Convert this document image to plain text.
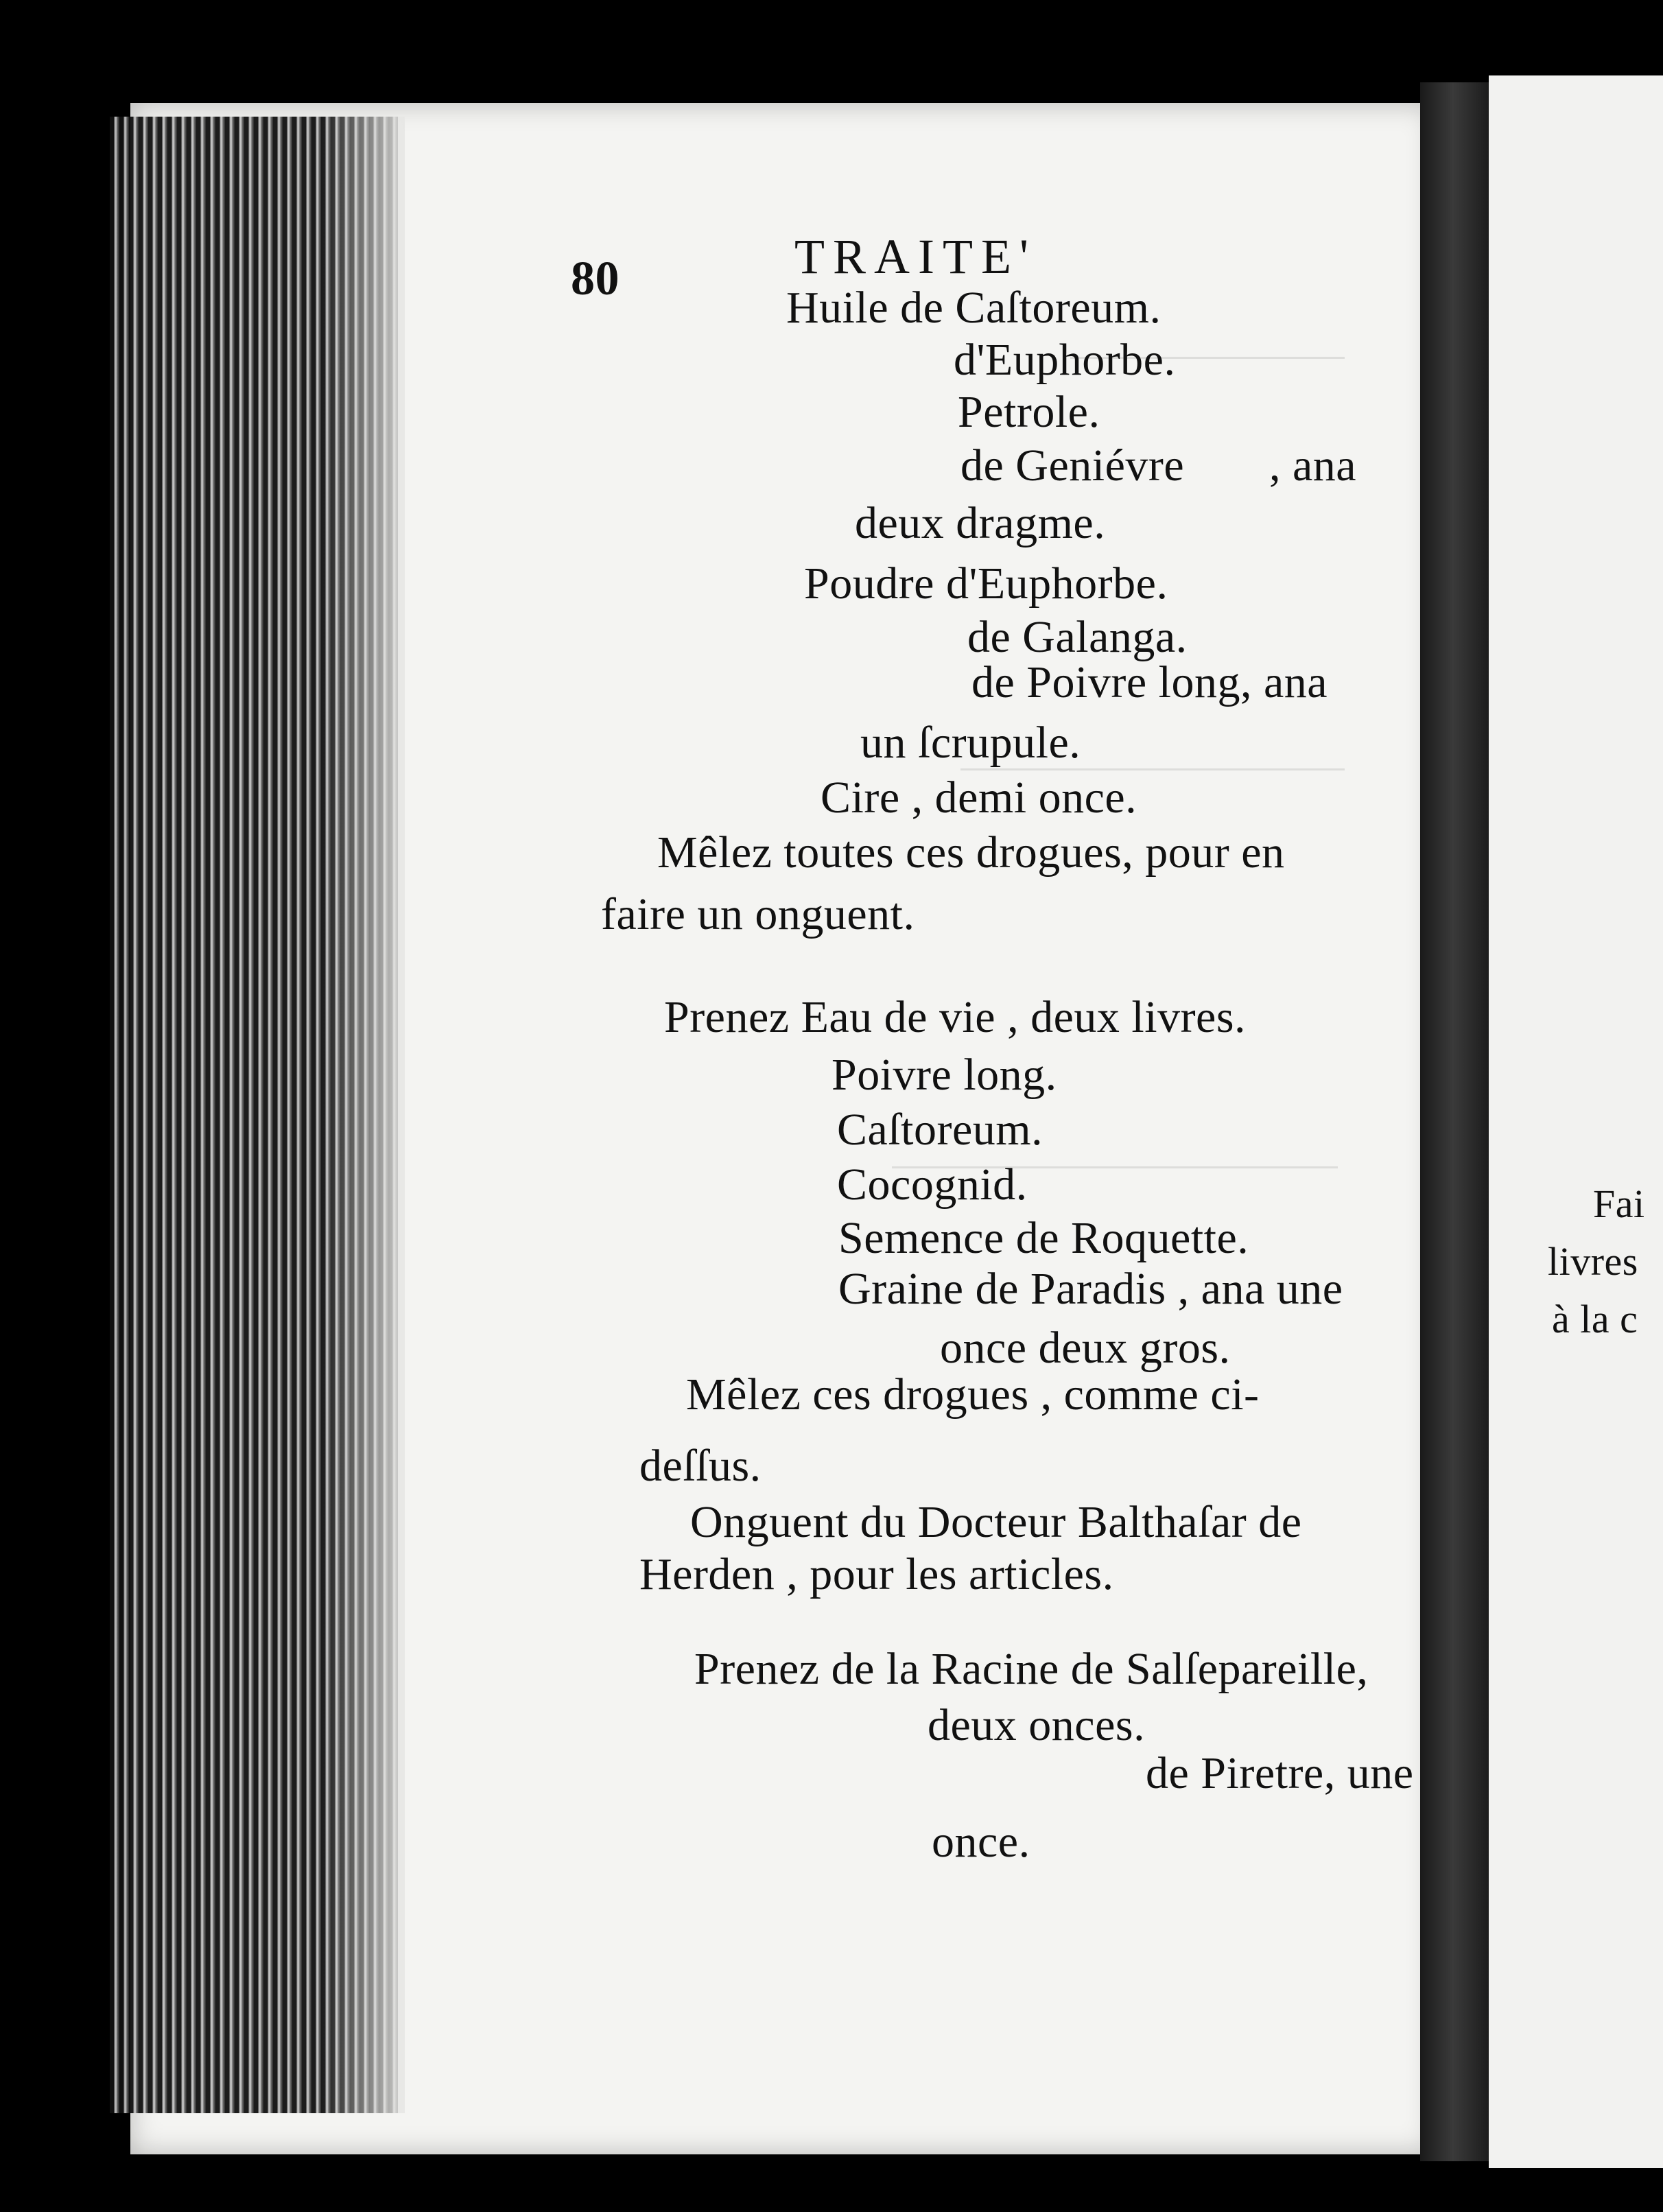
80	TRAITE'
Huile de Caſtoreum.
d'Euphorbe.
Petrole.
de Geniévre , ana
deux dragme.
Poudre d'Euphorbe.
de Galanga.
de Poivre long, ana
un ſcrupule.
Cire , demi once.
Mêlez toutes ces drogues, pour en
faire un onguent.
Prenez Eau de vie , deux livres.
Poivre long.
Caſtoreum.
Cocognid.
Semence de Roquette.
Graine de Paradis , ana une
once deux gros.
Mêlez ces drogues , comme ci-
deſſus.
Onguent du Docteur Balthaſar de
Herden , pour les articles.
Prenez de la Racine de Salſepareille,
deux onces.
de Piretre, une
once.
Fai
livres
à la c
